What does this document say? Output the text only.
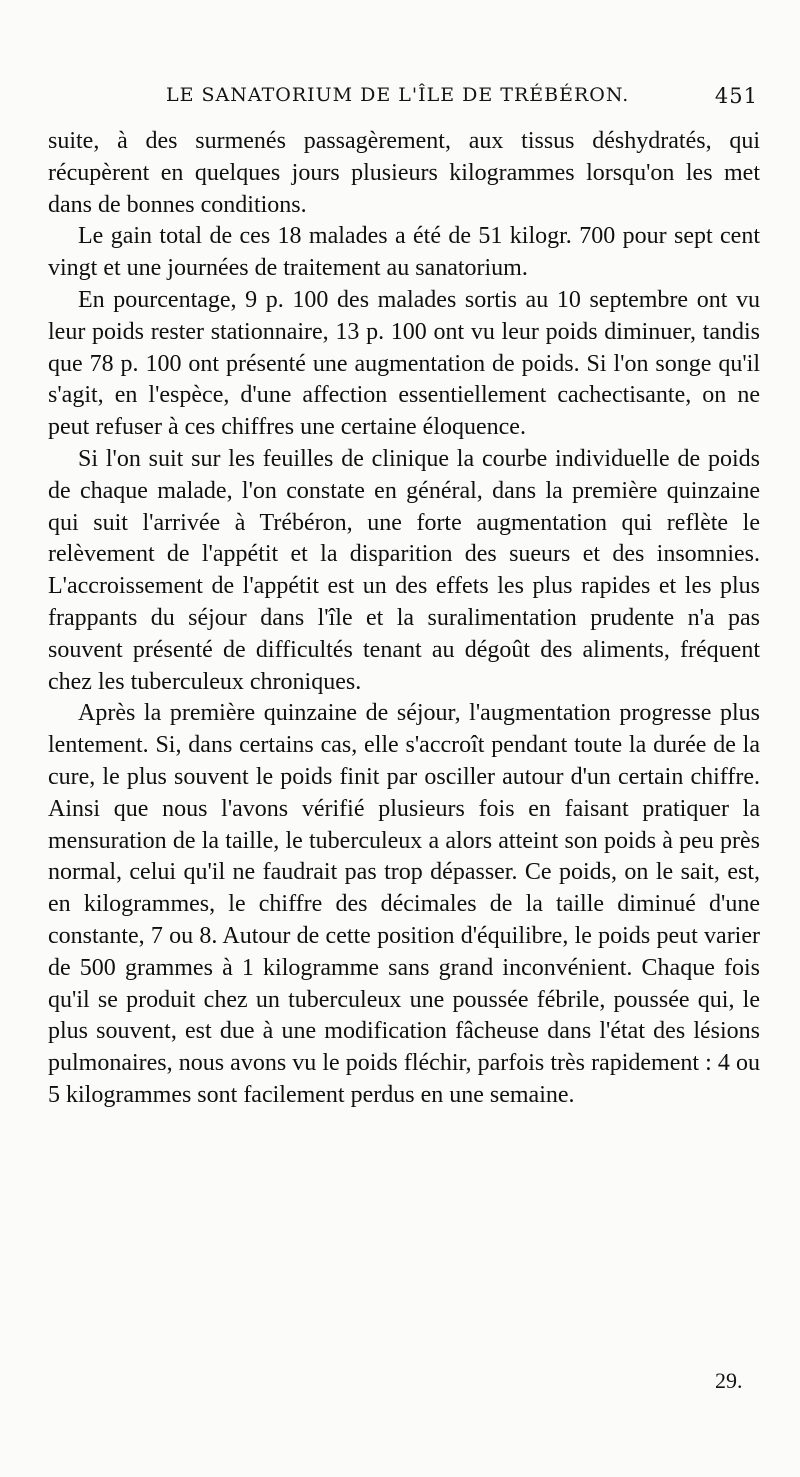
LE SANATORIUM DE L'ÎLE DE TRÉBÉRON.	451

suite, à des surmenés passagèrement, aux tissus déshydratés, qui récupèrent en quelques jours plusieurs kilogrammes lorsqu'on les met dans de bonnes conditions.

Le gain total de ces 18 malades a été de 51 kilogr. 700 pour sept cent vingt et une journées de traitement au sanatorium.

En pourcentage, 9 p. 100 des malades sortis au 10 septembre ont vu leur poids rester stationnaire, 13 p. 100 ont vu leur poids diminuer, tandis que 78 p. 100 ont présenté une augmentation de poids. Si l'on songe qu'il s'agit, en l'espèce, d'une affection essentiellement cachectisante, on ne peut refuser à ces chiffres une certaine éloquence.

Si l'on suit sur les feuilles de clinique la courbe individuelle de poids de chaque malade, l'on constate en général, dans la première quinzaine qui suit l'arrivée à Trébéron, une forte augmentation qui reflète le relèvement de l'appétit et la disparition des sueurs et des insomnies. L'accroissement de l'appétit est un des effets les plus rapides et les plus frappants du séjour dans l'île et la suralimentation prudente n'a pas souvent présenté de difficultés tenant au dégoût des aliments, fréquent chez les tuberculeux chroniques.

Après la première quinzaine de séjour, l'augmentation progresse plus lentement. Si, dans certains cas, elle s'accroît pendant toute la durée de la cure, le plus souvent le poids finit par osciller autour d'un certain chiffre. Ainsi que nous l'avons vérifié plusieurs fois en faisant pratiquer la mensuration de la taille, le tuberculeux a alors atteint son poids à peu près normal, celui qu'il ne faudrait pas trop dépasser. Ce poids, on le sait, est, en kilogrammes, le chiffre des décimales de la taille diminué d'une constante, 7 ou 8. Autour de cette position d'équilibre, le poids peut varier de 500 grammes à 1 kilogramme sans grand inconvénient. Chaque fois qu'il se produit chez un tuberculeux une poussée fébrile, poussée qui, le plus souvent, est due à une modification fâcheuse dans l'état des lésions pulmonaires, nous avons vu le poids fléchir, parfois très rapidement : 4 ou 5 kilogrammes sont facilement perdus en une semaine.

29.
